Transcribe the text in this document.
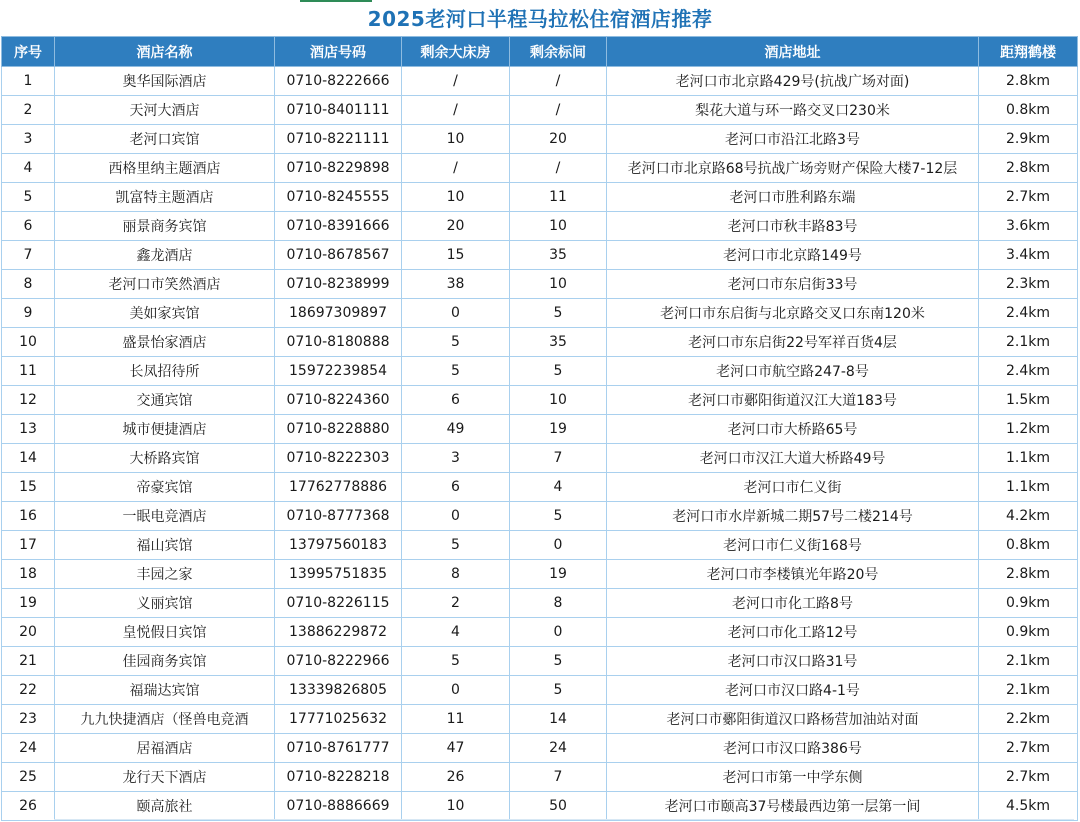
2025老河口半程马拉松住宿酒店推荐
序号	酒店名称	酒店号码	剩余大床房	剩余标间	酒店地址	距翔鹤楼
1	奥华国际酒店	0710-8222666	/	/	老河口市北京路429号(抗战广场对面)	2.8km
2	天河大酒店	0710-8401111	/	/	梨花大道与环一路交叉口230米	0.8km
3	老河口宾馆	0710-8221111	10	20	老河口市沿江北路3号	2.9km
4	西格里纳主题酒店	0710-8229898	/	/	老河口市北京路68号抗战广场旁财产保险大楼7-12层	2.8km
5	凯富特主题酒店	0710-8245555	10	11	老河口市胜利路东端	2.7km
6	丽景商务宾馆	0710-8391666	20	10	老河口市秋丰路83号	3.6km
7	鑫龙酒店	0710-8678567	15	35	老河口市北京路149号	3.4km
8	老河口市笑然酒店	0710-8238999	38	10	老河口市东启街33号	2.3km
9	美如家宾馆	18697309897	0	5	老河口市东启街与北京路交叉口东南120米	2.4km
10	盛景怡家酒店	0710-8180888	5	35	老河口市东启街22号军祥百货4层	2.1km
11	长凤招待所	15972239854	5	5	老河口市航空路247-8号	2.4km
12	交通宾馆	0710-8224360	6	10	老河口市鄾阳街道汉江大道183号	1.5km
13	城市便捷酒店	0710-8228880	49	19	老河口市大桥路65号	1.2km
14	大桥路宾馆	0710-8222303	3	7	老河口市汉江大道大桥路49号	1.1km
15	帝豪宾馆	17762778886	6	4	老河口市仁义街	1.1km
16	一眠电竞酒店	0710-8777368	0	5	老河口市水岸新城二期57号二楼214号	4.2km
17	福山宾馆	13797560183	5	0	老河口市仁义街168号	0.8km
18	丰园之家	13995751835	8	19	老河口市李楼镇光年路20号	2.8km
19	义丽宾馆	0710-8226115	2	8	老河口市化工路8号	0.9km
20	皇悦假日宾馆	13886229872	4	0	老河口市化工路12号	0.9km
21	佳园商务宾馆	0710-8222966	5	5	老河口市汉口路31号	2.1km
22	福瑞达宾馆	13339826805	0	5	老河口市汉口路4-1号	2.1km
23	九九快捷酒店（怪兽电竞酒	17771025632	11	14	老河口市鄾阳街道汉口路杨营加油站对面	2.2km
24	居福酒店	0710-8761777	47	24	老河口市汉口路386号	2.7km
25	龙行天下酒店	0710-8228218	26	7	老河口市第一中学东侧	2.7km
26	颐高旅社	0710-8886669	10	50	老河口市颐高37号楼最西边第一层第一间	4.5km
